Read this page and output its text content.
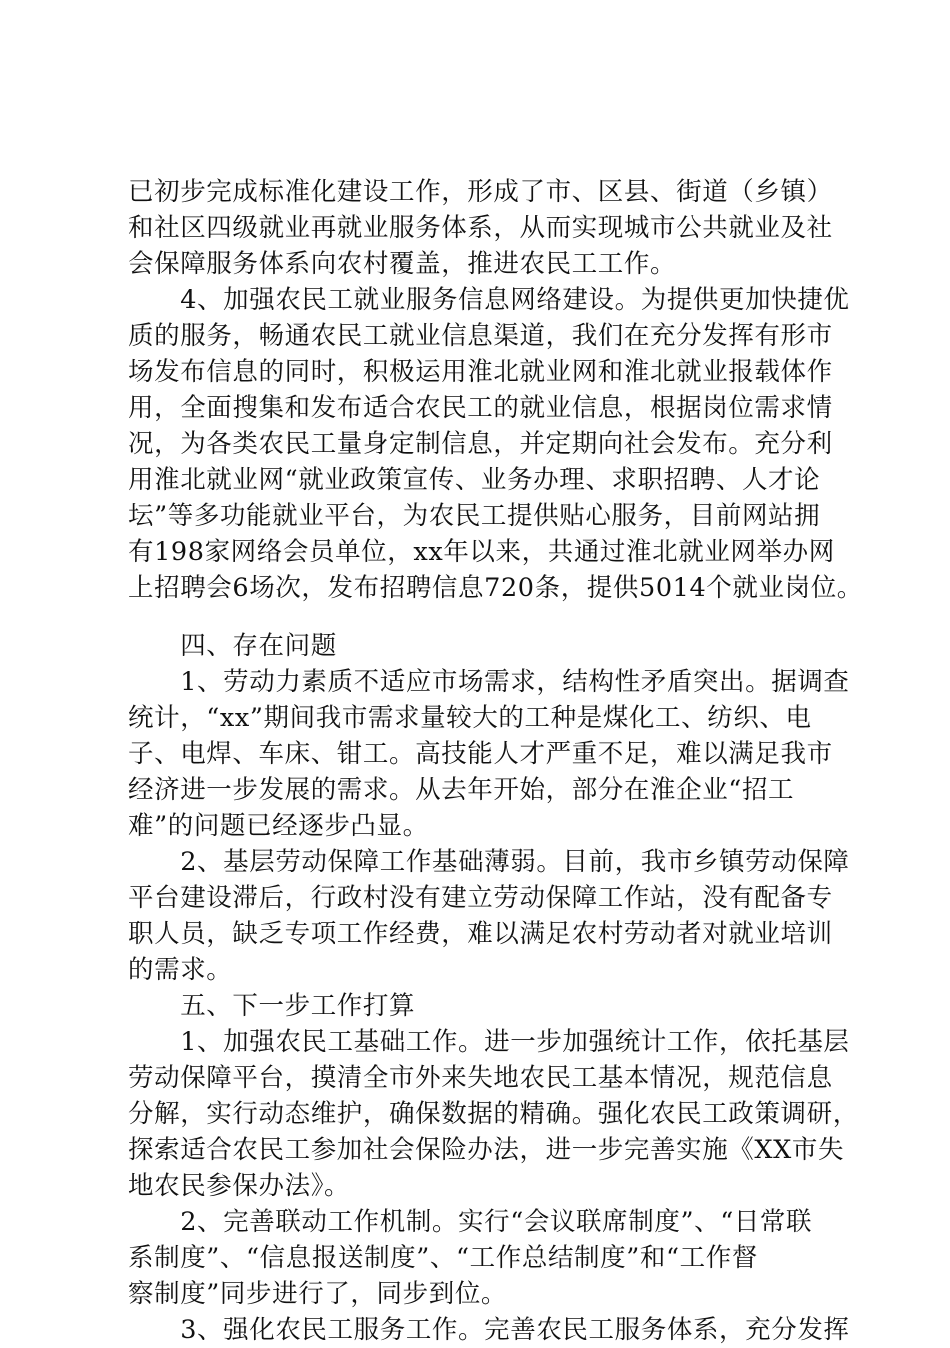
已初步完成标准化建设工作，形成了市、区县、街道（乡镇）
和社区四级就业再就业服务体系，从而实现城市公共就业及社
会保障服务体系向农村覆盖，推进农民工工作。
　　4、加强农民工就业服务信息网络建设。为提供更加快捷优
质的服务，畅通农民工就业信息渠道，我们在充分发挥有形市
场发布信息的同时，积极运用淮北就业网和淮北就业报载体作
用，全面搜集和发布适合农民工的就业信息，根据岗位需求情
况，为各类农民工量身定制信息，并定期向社会发布。充分利
用淮北就业网“就业政策宣传、业务办理、求职招聘、人才论
坛”等多功能就业平台，为农民工提供贴心服务，目前网站拥
有198家网络会员单位，xx年以来，共通过淮北就业网举办网
上招聘会6场次，发布招聘信息720条，提供5014个就业岗位。
　　四、存在问题
　　1、劳动力素质不适应市场需求，结构性矛盾突出。据调查
统计，“xx”期间我市需求量较大的工种是煤化工、纺织、电
子、电焊、车床、钳工。高技能人才严重不足，难以满足我市
经济进一步发展的需求。从去年开始，部分在淮企业“招工
难”的问题已经逐步凸显。
　　2、基层劳动保障工作基础薄弱。目前，我市乡镇劳动保障
平台建设滞后，行政村没有建立劳动保障工作站，没有配备专
职人员，缺乏专项工作经费，难以满足农村劳动者对就业培训
的需求。
　　五、下一步工作打算
　　1、加强农民工基础工作。进一步加强统计工作，依托基层
劳动保障平台，摸清全市外来失地农民工基本情况，规范信息
分解，实行动态维护，确保数据的精确。强化农民工政策调研，
探索适合农民工参加社会保险办法，进一步完善实施《XX市失
地农民参保办法》。
　　2、完善联动工作机制。实行“会议联席制度”、“日常联
系制度”、“信息报送制度”、“工作总结制度”和“工作督
察制度”同步进行了，同步到位。
　　3、强化农民工服务工作。完善农民工服务体系，充分发挥
